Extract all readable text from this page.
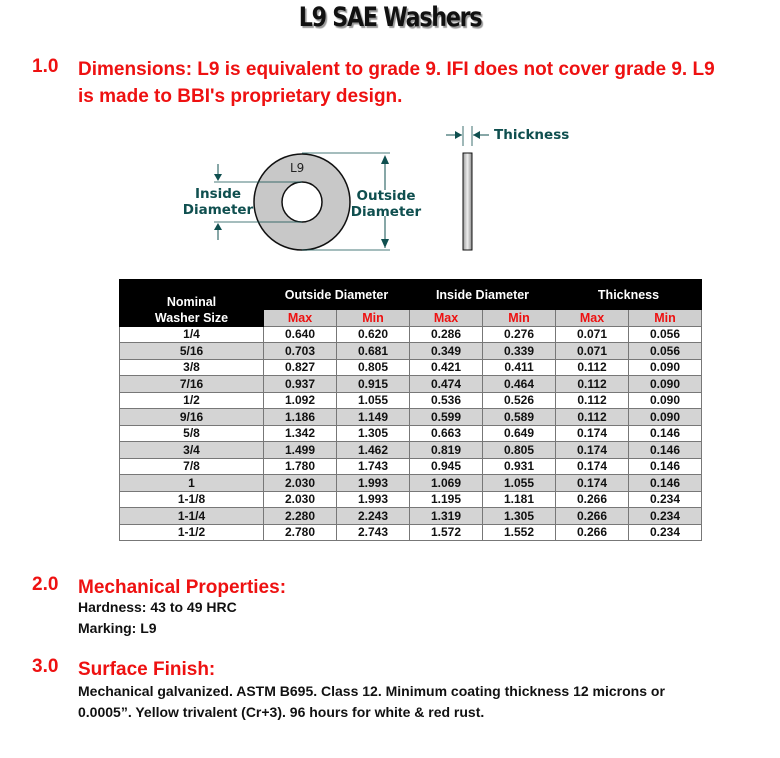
L9 SAE Washers
1.0 Dimensions: L9 is equivalent to grade 9. IFI does not cover grade 9. L9 is made to BBI's proprietary design.
L9
Inside
Diameter
Outside
Diameter
Thickness
Nominal
Washer Size	Outside Diameter		Inside Diameter		Thickness	
	Max	Min	Max	Min	Max	Min
1/4	0.640	0.620	0.286	0.276	0.071	0.056
5/16	0.703	0.681	0.349	0.339	0.071	0.056
3/8	0.827	0.805	0.421	0.411	0.112	0.090
7/16	0.937	0.915	0.474	0.464	0.112	0.090
1/2	1.092	1.055	0.536	0.526	0.112	0.090
9/16	1.186	1.149	0.599	0.589	0.112	0.090
5/8	1.342	1.305	0.663	0.649	0.174	0.146
3/4	1.499	1.462	0.819	0.805	0.174	0.146
7/8	1.780	1.743	0.945	0.931	0.174	0.146
1	2.030	1.993	1.069	1.055	0.174	0.146
1-1/8	2.030	1.993	1.195	1.181	0.266	0.234
1-1/4	2.280	2.243	1.319	1.305	0.266	0.234
1-1/2	2.780	2.743	1.572	1.552	0.266	0.234
2.0 Mechanical Properties:
Hardness: 43 to 49 HRC
Marking: L9
3.0 Surface Finish:
Mechanical galvanized. ASTM B695. Class 12. Minimum coating thickness 12 microns or
0.0005”. Yellow trivalent (Cr+3). 96 hours for white & red rust.
